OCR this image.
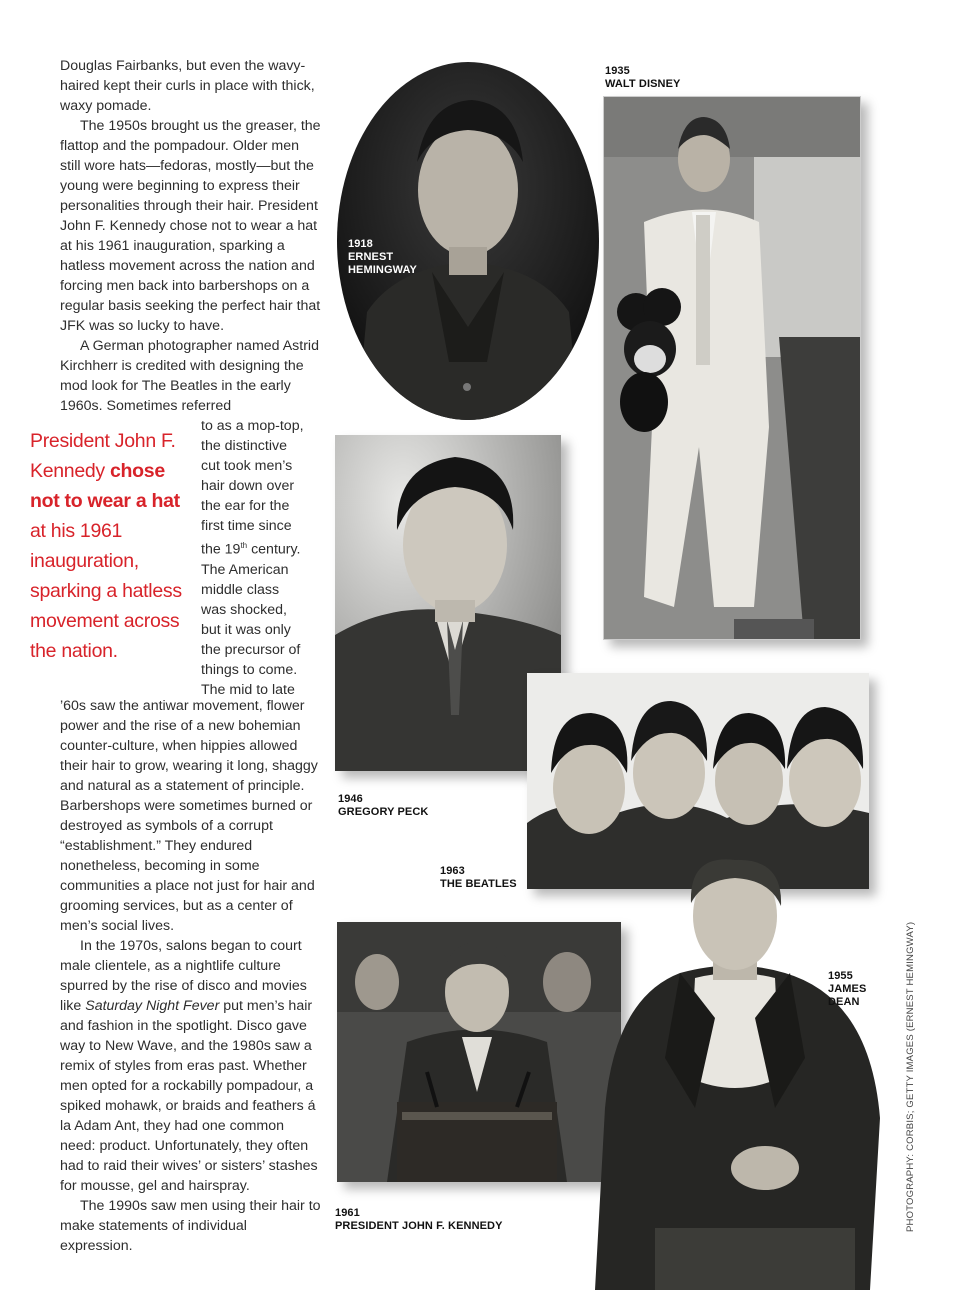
Douglas Fairbanks, but even the wavy-haired kept their curls in place with thick, waxy pomade.

The 1950s brought us the greaser, the flattop and the pompadour. Older men still wore hats—fedoras, mostly—but the young were beginning to express their personalities through their hair. President John F. Kennedy chose not to wear a hat at his 1961 inauguration, sparking a hatless movement across the nation and forcing men back into barbershops on a regular basis seeking the perfect hair that JFK was so lucky to have.

A German photographer named Astrid Kirchherr is credited with designing the mod look for The Beatles in the early 1960s. Sometimes referred

to as a mop-top,
the distinctive
cut took men’s
hair down over
the ear for the
first time since
the 19th century.
The American
middle class
was shocked,
but it was only
the precursor of
things to come.
The mid to late
President John F. Kennedy chose not to wear a hat at his 1961 inauguration, sparking a hatless movement across the nation.

’60s saw the antiwar movement, flower power and the rise of a new bohemian counter-culture, when hippies allowed their hair to grow, wearing it long, shaggy and natural as a statement of principle. Barbershops were sometimes burned or destroyed as symbols of a corrupt “establishment.” They endured nonetheless, becoming in some communities a place not just for hair and grooming services, but as a center of men’s social lives.

In the 1970s, salons began to court male clientele, as a nightlife culture spurred by the rise of disco and movies like Saturday Night Fever put men’s hair and fashion in the spotlight. Disco gave way to New Wave, and the 1980s saw a remix of styles from eras past. Whether men opted for a rockabilly pompadour, a spiked mohawk, or braids and feathers á la Adam Ant, they had one common need: product. Unfortunately, they often had to raid their wives’ or sisters’ stashes for mousse, gel and hairspray.

The 1990s saw men using their hair to make statements of individual expression.

1918
ERNEST
HEMINGWAY
1935
WALT DISNEY
1946
GREGORY PECK
1963
THE BEATLES
1961
PRESIDENT JOHN F. KENNEDY
1955
JAMES
DEAN	PHOTOGRAPHY: CORBIS; GETTY IMAGES (ERNEST HEMINGWAY)
